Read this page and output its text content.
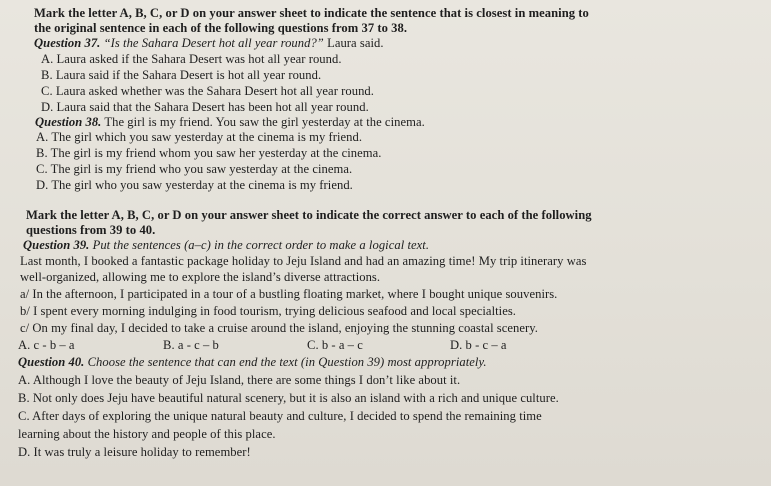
Mark the letter A, B, C, or D on your answer sheet to indicate the sentence that is closest in meaning to
the original sentence in each of the following questions from 37 to 38.
Question 37. “Is the Sahara Desert hot all year round?” Laura said.
A. Laura asked if the Sahara Desert was hot all year round.
B. Laura said if the Sahara Desert is hot all year round.
C. Laura asked whether was the Sahara Desert hot all year round.
D. Laura said that the Sahara Desert has been hot all year round.
Question 38. The girl is my friend. You saw the girl yesterday at the cinema.
A. The girl which you saw yesterday at the cinema is my friend.
B. The girl is my friend whom you saw her yesterday at the cinema.
C. The girl is my friend who you saw yesterday at the cinema.
D. The girl who you saw yesterday at the cinema is my friend.
Mark the letter A, B, C, or D on your answer sheet to indicate the correct answer to each of the following
questions from 39 to 40.
Question 39. Put the sentences (a–c) in the correct order to make a logical text.
Last month, I booked a fantastic package holiday to Jeju Island and had an amazing time! My trip itinerary was
well-organized, allowing me to explore the island’s diverse attractions.
a/ In the afternoon, I participated in a tour of a bustling floating market, where I bought unique souvenirs.
b/ I spent every morning indulging in food tourism, trying delicious seafood and local specialties.
c/ On my final day, I decided to take a cruise around the island, enjoying the stunning coastal scenery.
A. c - b – a	B. a - c – b	C. b - a – c	D. b - c – a
Question 40. Choose the sentence that can end the text (in Question 39) most appropriately.
A. Although I love the beauty of Jeju Island, there are some things I don’t like about it.
B. Not only does Jeju have beautiful natural scenery, but it is also an island with a rich and unique culture.
C. After days of exploring the unique natural beauty and culture, I decided to spend the remaining time
learning about the history and people of this place.
D. It was truly a leisure holiday to remember!
